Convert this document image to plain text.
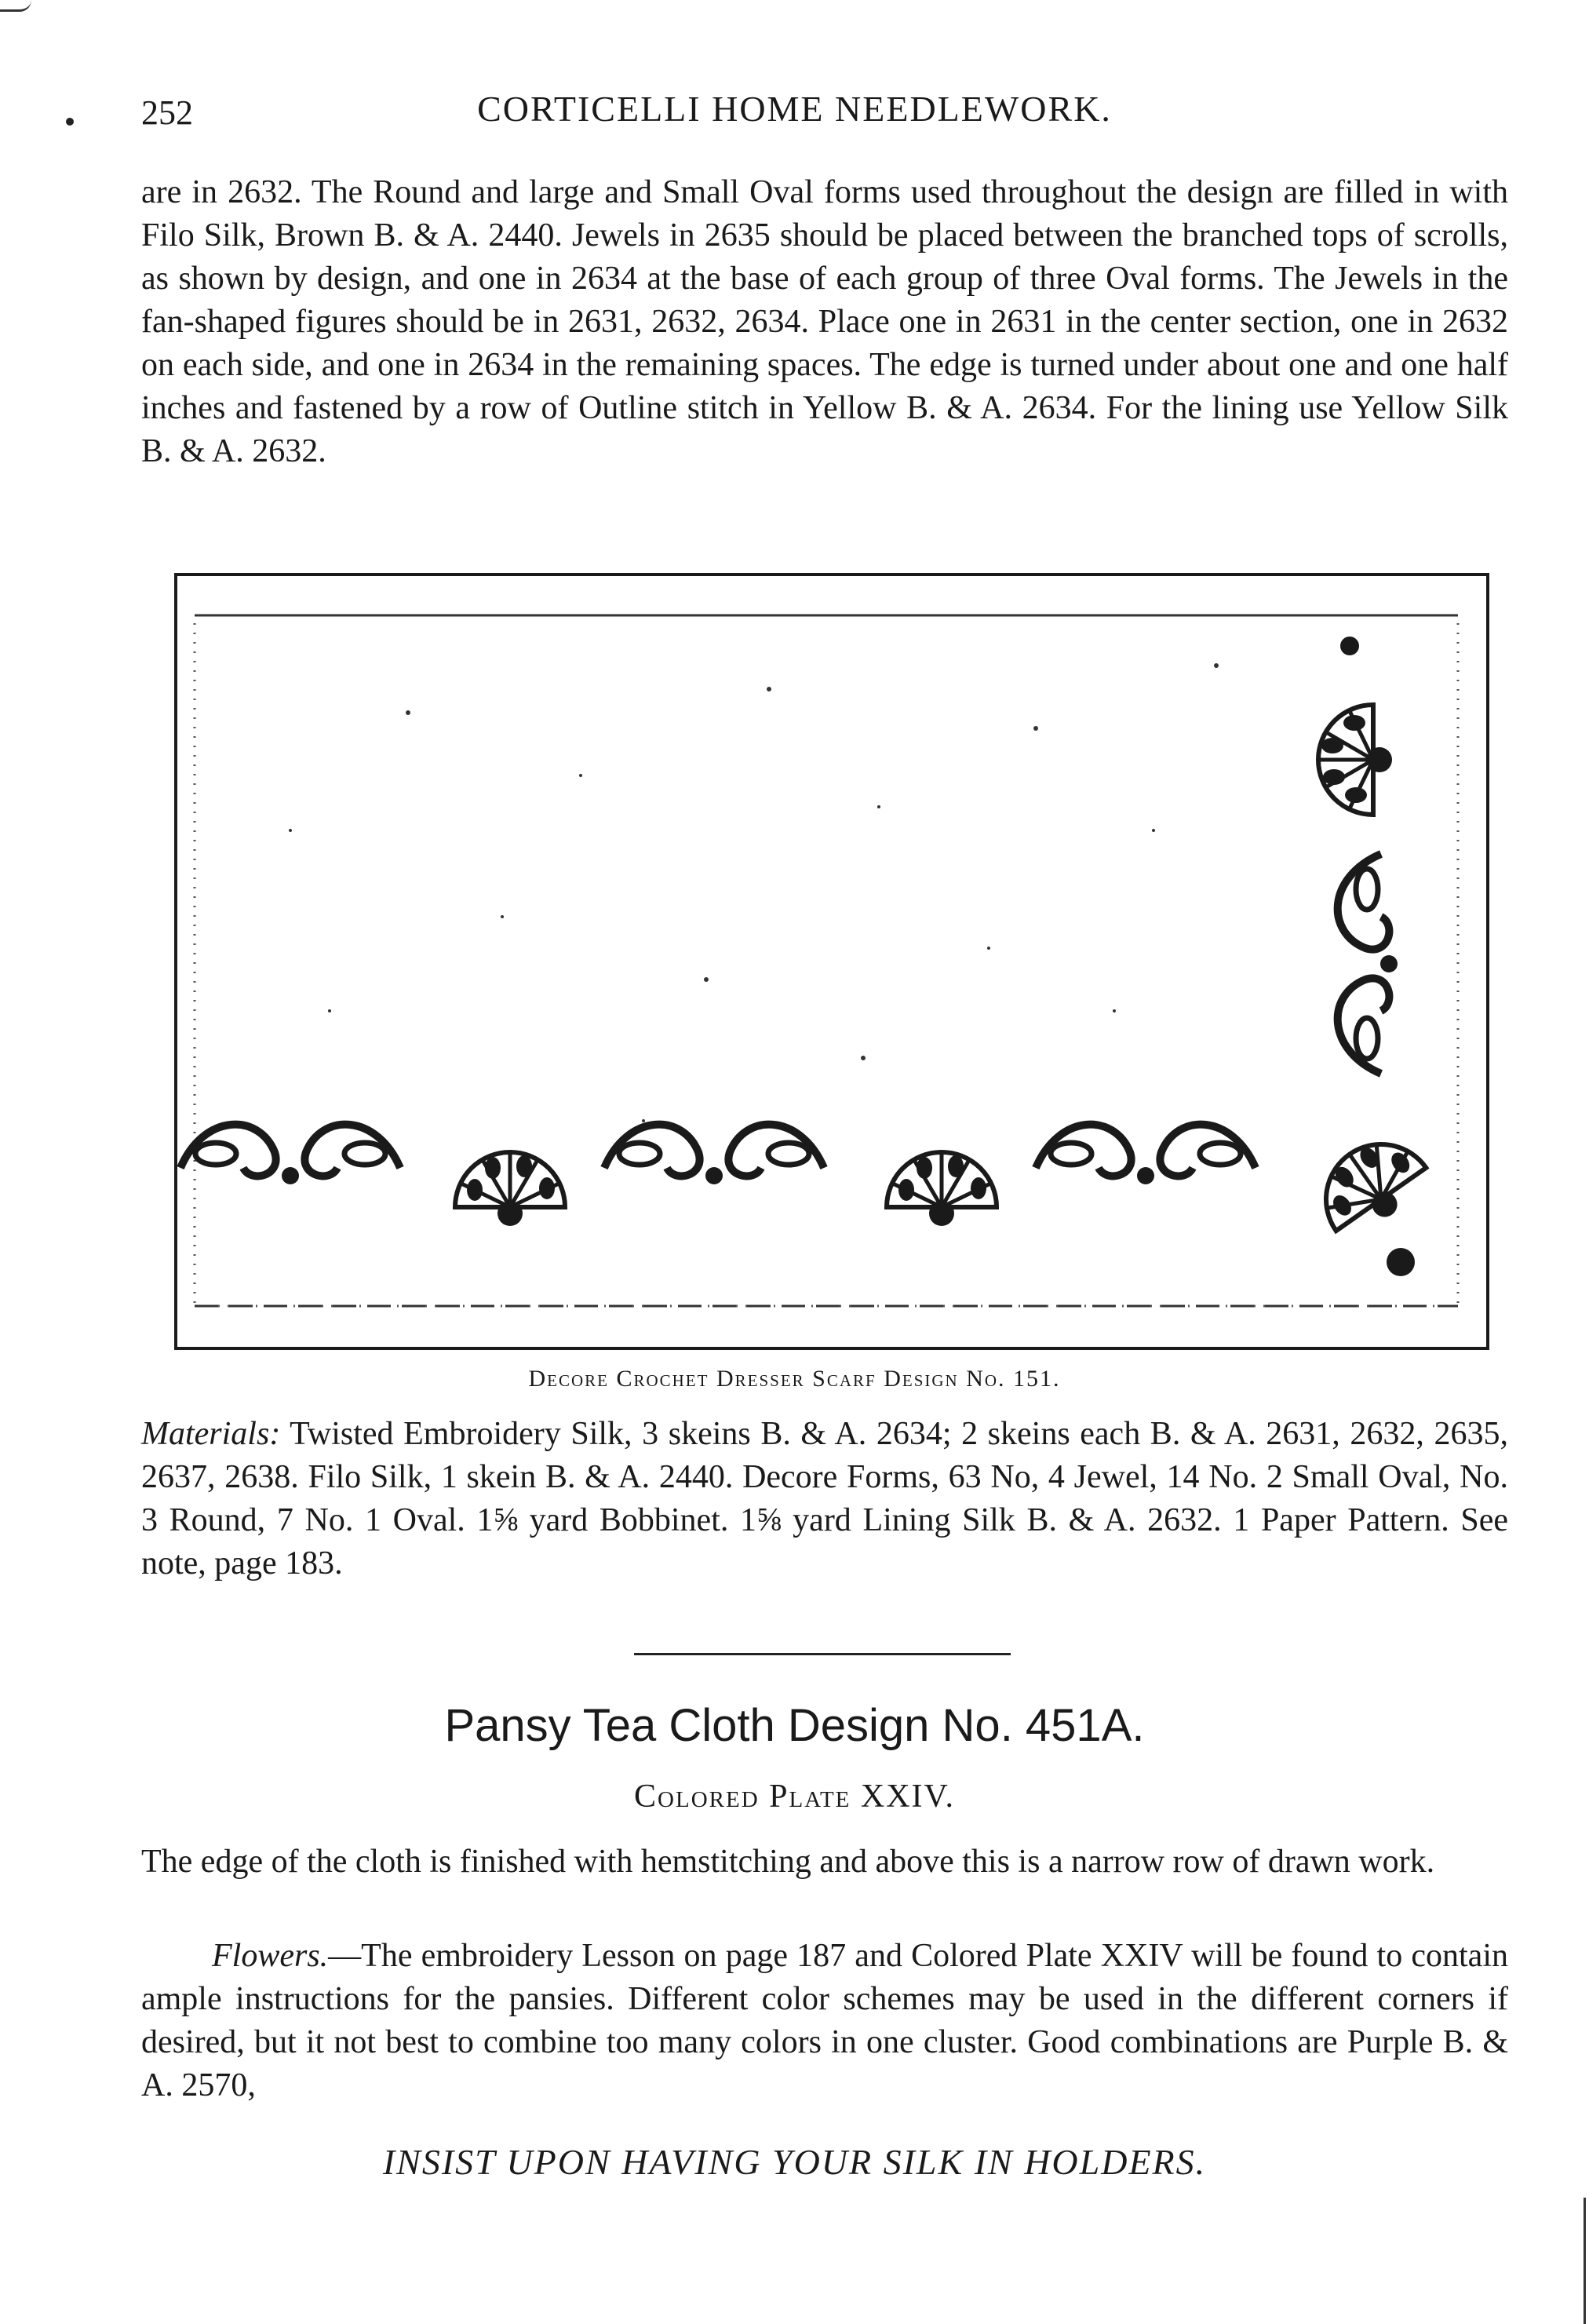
252	CORTICELLI HOME NEEDLEWORK.
are in 2632. The Round and large and Small Oval forms used throughout the design are filled in with Filo Silk, Brown B. & A. 2440. Jewels in 2635 should be placed between the branched tops of scrolls, as shown by design, and one in 2634 at the base of each group of three Oval forms. The Jewels in the fan-shaped figures should be in 2631, 2632, 2634. Place one in 2631 in the center section, one in 2632 on each side, and one in 2634 in the remaining spaces. The edge is turned under about one and one half inches and fastened by a row of Outline stitch in Yellow B. & A. 2634. For the lining use Yellow Silk B. & A. 2632.
Decore Crochet Dresser Scarf Design No. 151.
Materials: Twisted Embroidery Silk, 3 skeins B. & A. 2634; 2 skeins each B. & A. 2631, 2632, 2635, 2637, 2638. Filo Silk, 1 skein B. & A. 2440. Decore Forms, 63 No, 4 Jewel, 14 No. 2 Small Oval, No. 3 Round, 7 No. 1 Oval. 1⅝ yard Bobbinet. 1⅝ yard Lining Silk B. & A. 2632. 1 Paper Pattern. See note, page 183.
Pansy Tea Cloth Design No. 451A.
Colored Plate XXIV.
The edge of the cloth is finished with hemstitching and above this is a narrow row of drawn work.
Flowers.—The embroidery Lesson on page 187 and Colored Plate XXIV will be found to contain ample instructions for the pansies. Different color schemes may be used in the different corners if desired, but it not best to combine too many colors in one cluster. Good combinations are Purple B. & A. 2570,
INSIST UPON HAVING YOUR SILK IN HOLDERS.
